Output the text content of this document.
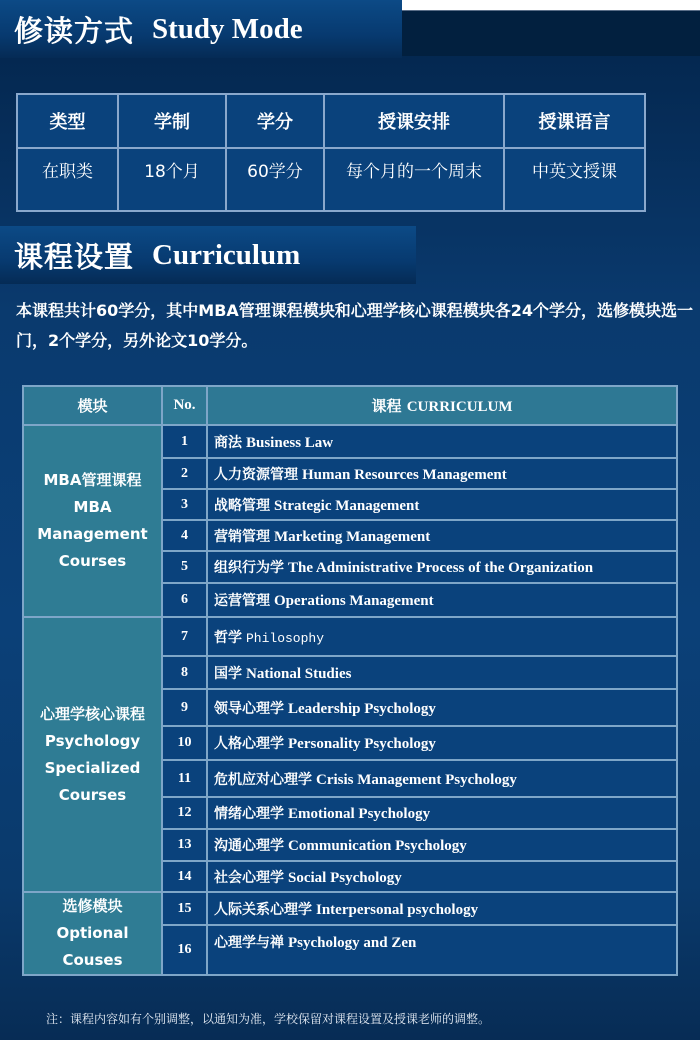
修读方式 Study Mode
类型	学制	学分	授课安排	授课语言
在职类	18个月	60学分	每个月的一个周末	中英文授课
课程设置 Curriculum
本课程共计60学分，其中MBA管理课程模块和心理学核心课程模块各24个学分，选修模块选一门，2个学分，另外论文10学分。
模块	No.	课程 CURRICULUM

MBA管理课程
MBA
Management
Courses	1	商法 Business Law
	2	人力资源管理 Human Resources Management
	3	战略管理 Strategic Management
	4	营销管理 Marketing Management
	5	组织行为学 The Administrative Process of the Organization
	6	运营管理 Operations Management

心理学核心课程
Psychology
Specialized
Courses	7	哲学 Philosophy
	8	国学 National Studies
	9	领导心理学 Leadership Psychology
	10	人格心理学 Personality Psychology
	11	危机应对心理学 Crisis Management Psychology
	12	情绪心理学 Emotional Psychology
	13	沟通心理学 Communication Psychology
	14	社会心理学 Social Psychology

选修模块
Optional
Couses	15	人际关系心理学 Interpersonal psychology
	16	心理学与禅 Psychology and Zen
注：课程内容如有个别调整，以通知为准，学校保留对课程设置及授课老师的调整。
